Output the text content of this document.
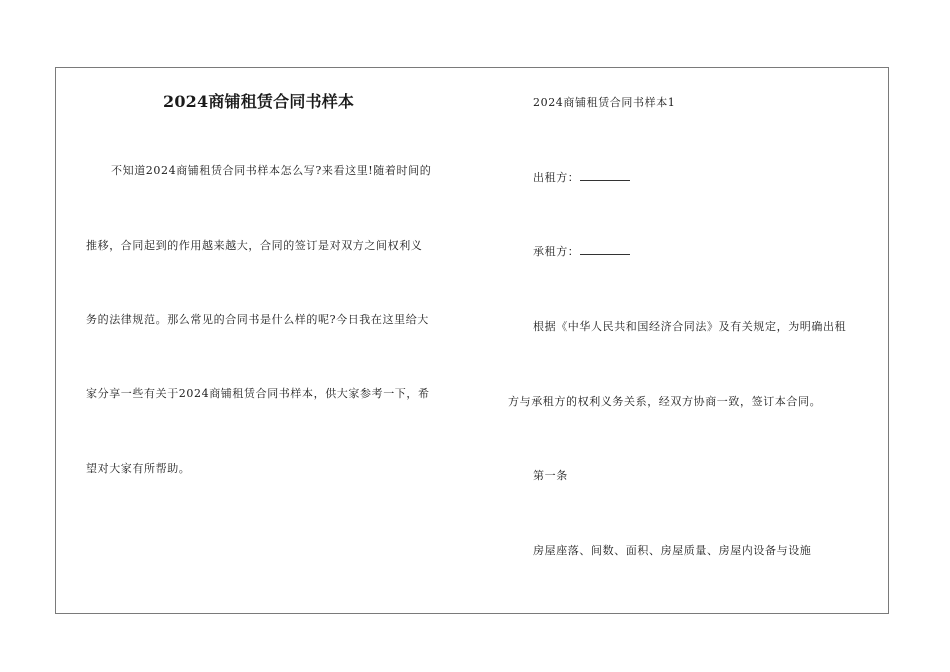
2024商铺租赁合同书样本
不知道2024商铺租赁合同书样本怎么写?来看这里!随着时间的
推移，合同起到的作用越来越大，合同的签订是对双方之间权利义
务的法律规范。那么常见的合同书是什么样的呢?今日我在这里给大
家分享一些有关于2024商铺租赁合同书样本，供大家参考一下，希
望对大家有所帮助。
2024商铺租赁合同书样本1
出租方：
承租方：
根据《中华人民共和国经济合同法》及有关规定，为明确出租
方与承租方的权利义务关系，经双方协商一致，签订本合同。
第一条
房屋座落、间数、面积、房屋质量、房屋内设备与设施
